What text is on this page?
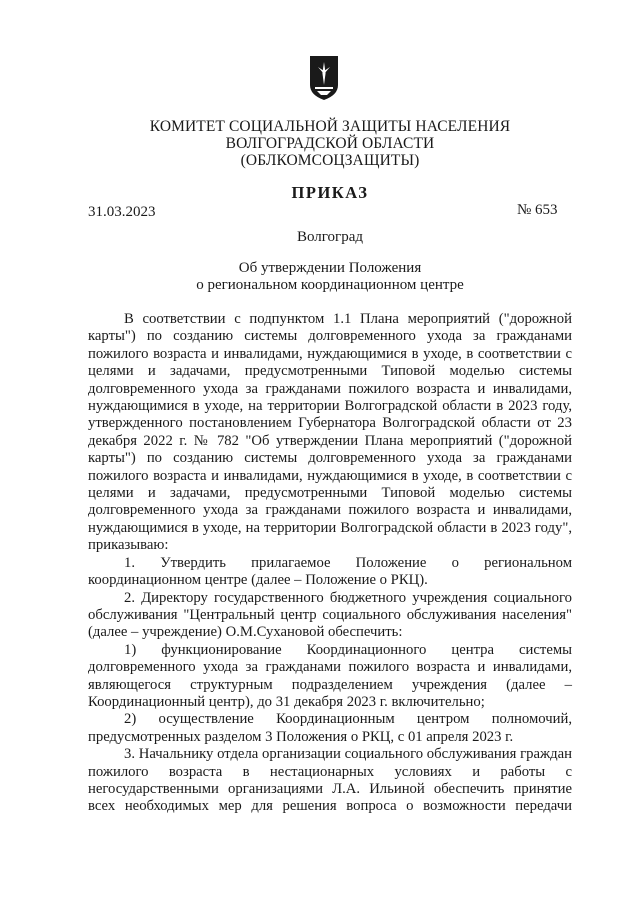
КОМИТЕТ СОЦИАЛЬНОЙ ЗАЩИТЫ НАСЕЛЕНИЯ
ВОЛГОГРАДСКОЙ ОБЛАСТИ
(ОБЛКОМСОЦЗАЩИТЫ)
ПРИКАЗ
31.03.2023	№ 653
Волгоград
Об утверждении Положения
о региональном координационном центре

В соответствии с подпунктом 1.1 Плана мероприятий ("дорожной карты") по созданию системы долговременного ухода за гражданами пожилого возраста и инвалидами, нуждающимися в уходе, в соответствии с целями и задачами, предусмотренными Типовой моделью системы долговременного ухода за гражданами пожилого возраста и инвалидами, нуждающимися в уходе, на территории Волгоградской области в 2023 году, утвержденного постановлением Губернатора Волгоградской области от 23 декабря 2022 г. № 782 "Об утверждении Плана мероприятий ("дорожной карты") по созданию системы долговременного ухода за гражданами пожилого возраста и инвалидами, нуждающимися в уходе, в соответствии с целями и задачами, предусмотренными Типовой моделью системы долговременного ухода за гражданами пожилого возраста и инвалидами, нуждающимися в уходе, на территории Волгоградской области в 2023 году", приказываю:

1. Утвердить прилагаемое Положение о региональном координационном центре (далее – Положение о РКЦ).

2. Директору государственного бюджетного учреждения социального обслуживания "Центральный центр социального обслуживания населения" (далее – учреждение) О.М.Сухановой обеспечить:

1) функционирование Координационного центра системы долговременного ухода за гражданами пожилого возраста и инвалидами, являющегося структурным подразделением учреждения (далее – Координационный центр), до 31 декабря 2023 г. включительно;

2) осуществление Координационным центром полномочий, предусмотренных разделом 3 Положения о РКЦ, с 01 апреля 2023 г.

3. Начальнику отдела организации социального обслуживания граждан пожилого возраста в нестационарных условиях и работы с негосударственными организациями Л.А. Ильиной обеспечить принятие всех необходимых мер для решения вопроса о возможности передачи
